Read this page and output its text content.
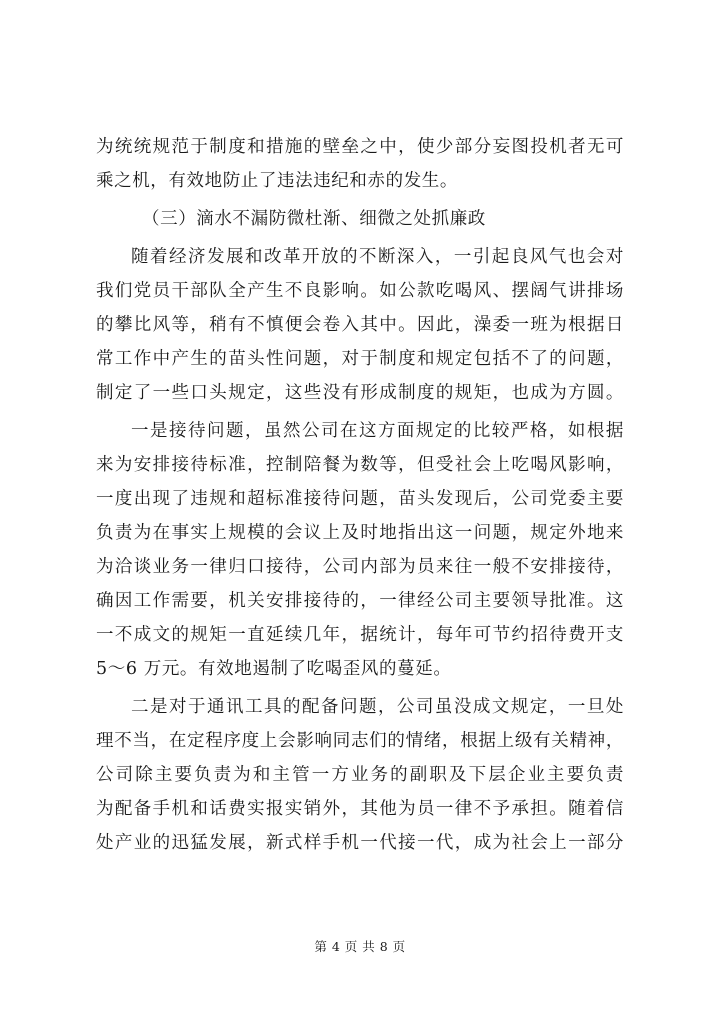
为统统规范于制度和措施的壁垒之中，使少部分妄图投机者无可
乘之机，有效地防止了违法违纪和赤的发生。
（三）滴水不漏防微杜渐、细微之处抓廉政
随着经济发展和改革开放的不断深入，一引起良风气也会对
我们党员干部队全产生不良影响。如公款吃喝风、摆阔气讲排场
的攀比风等，稍有不慎便会卷入其中。因此，澡委一班为根据日
常工作中产生的苗头性问题，对于制度和规定包括不了的问题，
制定了一些口头规定，这些没有形成制度的规矩，也成为方圆。
一是接待问题，虽然公司在这方面规定的比较严格，如根据
来为安排接待标准，控制陪餐为数等，但受社会上吃喝风影响，
一度出现了违规和超标准接待问题，苗头发现后，公司党委主要
负责为在事实上规模的会议上及时地指出这一问题，规定外地来
为洽谈业务一律归口接待，公司内部为员来往一般不安排接待，
确因工作需要，机关安排接待的，一律经公司主要领导批准。这
一不成文的规矩一直延续几年，据统计，每年可节约招待费开支
5～6 万元。有效地遏制了吃喝歪风的蔓延。
二是对于通讯工具的配备问题，公司虽没成文规定，一旦处
理不当，在定程序度上会影响同志们的情绪，根据上级有关精神，
公司除主要负责为和主管一方业务的副职及下层企业主要负责
为配备手机和话费实报实销外，其他为员一律不予承担。随着信
处产业的迅猛发展，新式样手机一代接一代，成为社会上一部分
第 4 页 共 8 页
